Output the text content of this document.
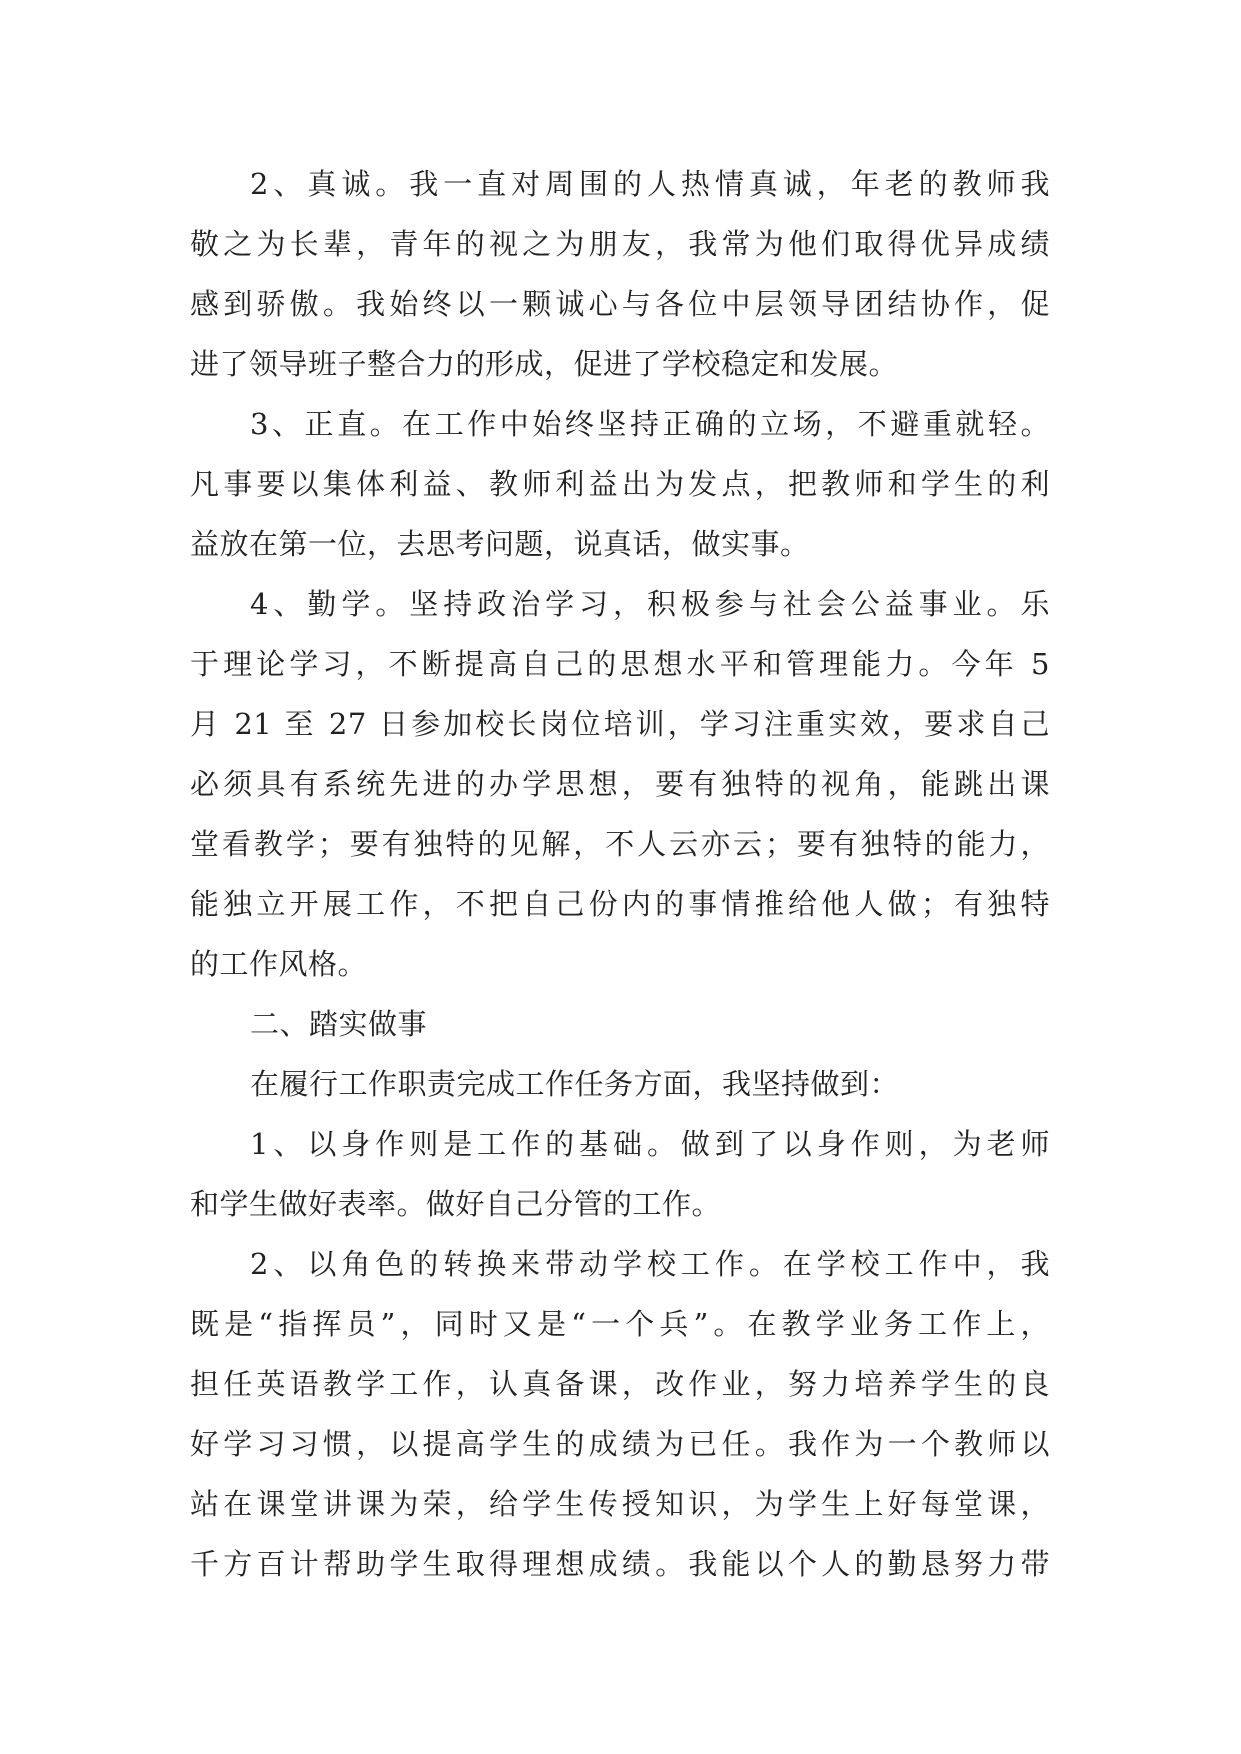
2、真诚。我一直对周围的人热情真诚，年老的教师我
敬之为长辈，青年的视之为朋友，我常为他们取得优异成绩
感到骄傲。我始终以一颗诚心与各位中层领导团结协作，促
进了领导班子整合力的形成，促进了学校稳定和发展。
3、正直。在工作中始终坚持正确的立场，不避重就轻。
凡事要以集体利益、教师利益出为发点，把教师和学生的利
益放在第一位，去思考问题，说真话，做实事。
4、勤学。坚持政治学习，积极参与社会公益事业。乐
于理论学习，不断提高自己的思想水平和管理能力。今年 5
月 21 至 27 日参加校长岗位培训，学习注重实效，要求自己
必须具有系统先进的办学思想，要有独特的视角，能跳出课
堂看教学；要有独特的见解，不人云亦云；要有独特的能力，
能独立开展工作，不把自己份内的事情推给他人做；有独特
的工作风格。
二、踏实做事
在履行工作职责完成工作任务方面，我坚持做到：
1、以身作则是工作的基础。做到了以身作则，为老师
和学生做好表率。做好自己分管的工作。
2、以角色的转换来带动学校工作。在学校工作中，我
既是“指挥员”，同时又是“一个兵”。在教学业务工作上，
担任英语教学工作，认真备课，改作业，努力培养学生的良
好学习习惯，以提高学生的成绩为已任。我作为一个教师以
站在课堂讲课为荣，给学生传授知识，为学生上好每堂课，
千方百计帮助学生取得理想成绩。我能以个人的勤恳努力带
